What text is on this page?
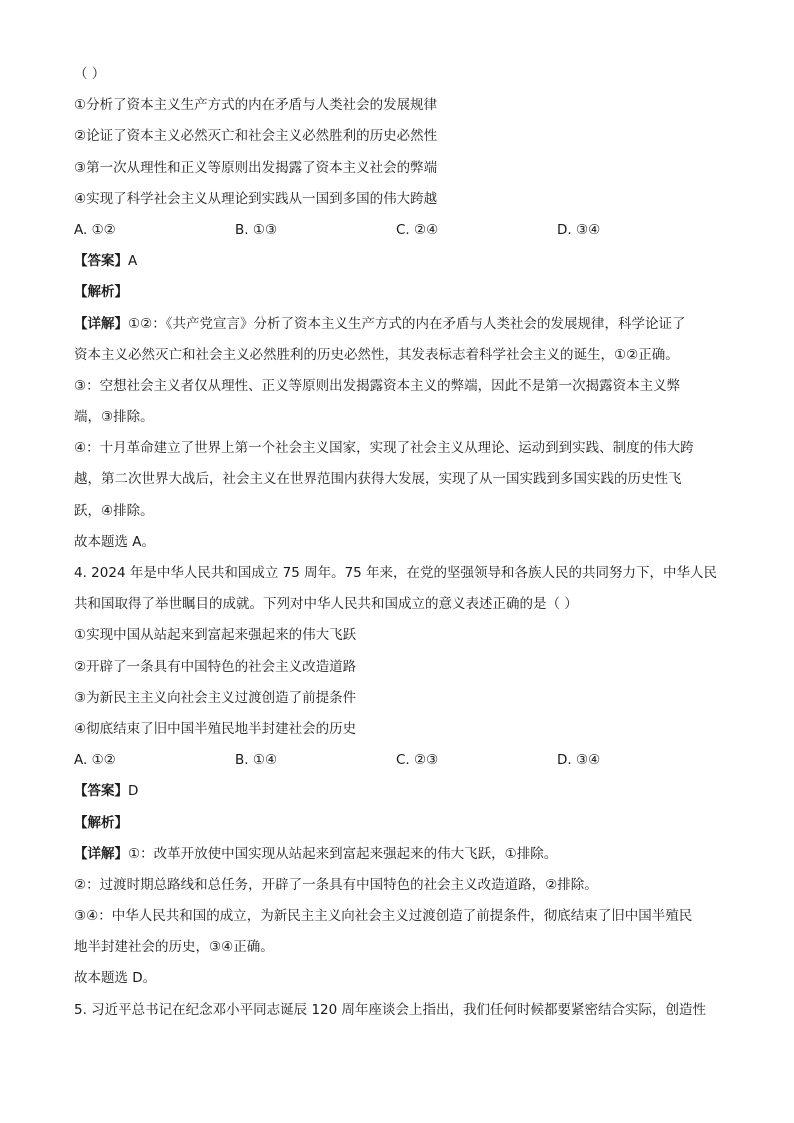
（ ）
①分析了资本主义生产方式的内在矛盾与人类社会的发展规律
②论证了资本主义必然灭亡和社会主义必然胜利的历史必然性
③第一次从理性和正义等原则出发揭露了资本主义社会的弊端
④实现了科学社会主义从理论到实践从一国到多国的伟大跨越
A. ①②	B. ①③	C. ②④	D. ③④
【答案】A
【解析】
【详解】①②：《共产党宣言》分析了资本主义生产方式的内在矛盾与人类社会的发展规律，科学论证了
资本主义必然灭亡和社会主义必然胜利的历史必然性，其发表标志着科学社会主义的诞生，①②正确。
③：空想社会主义者仅从理性、正义等原则出发揭露资本主义的弊端，因此不是第一次揭露资本主义弊
端，③排除。
④：十月革命建立了世界上第一个社会主义国家，实现了社会主义从理论、运动到到实践、制度的伟大跨
越，第二次世界大战后，社会主义在世界范围内获得大发展，实现了从一国实践到多国实践的历史性飞
跃，④排除。
故本题选 A。
4. 2024 年是中华人民共和国成立 75 周年。75 年来，在党的坚强领导和各族人民的共同努力下，中华人民
共和国取得了举世瞩目的成就。下列对中华人民共和国成立的意义表述正确的是（ ）
①实现中国从站起来到富起来强起来的伟大飞跃
②开辟了一条具有中国特色的社会主义改造道路
③为新民主主义向社会主义过渡创造了前提条件
④彻底结束了旧中国半殖民地半封建社会的历史
A. ①②	B. ①④	C. ②③	D. ③④
【答案】D
【解析】
【详解】①：改革开放使中国实现从站起来到富起来强起来的伟大飞跃，①排除。
②：过渡时期总路线和总任务，开辟了一条具有中国特色的社会主义改造道路，②排除。
③④：中华人民共和国的成立，为新民主主义向社会主义过渡创造了前提条件，彻底结束了旧中国半殖民
地半封建社会的历史，③④正确。
故本题选 D。
5. 习近平总书记在纪念邓小平同志诞辰 120 周年座谈会上指出，我们任何时候都要紧密结合实际，创造性
